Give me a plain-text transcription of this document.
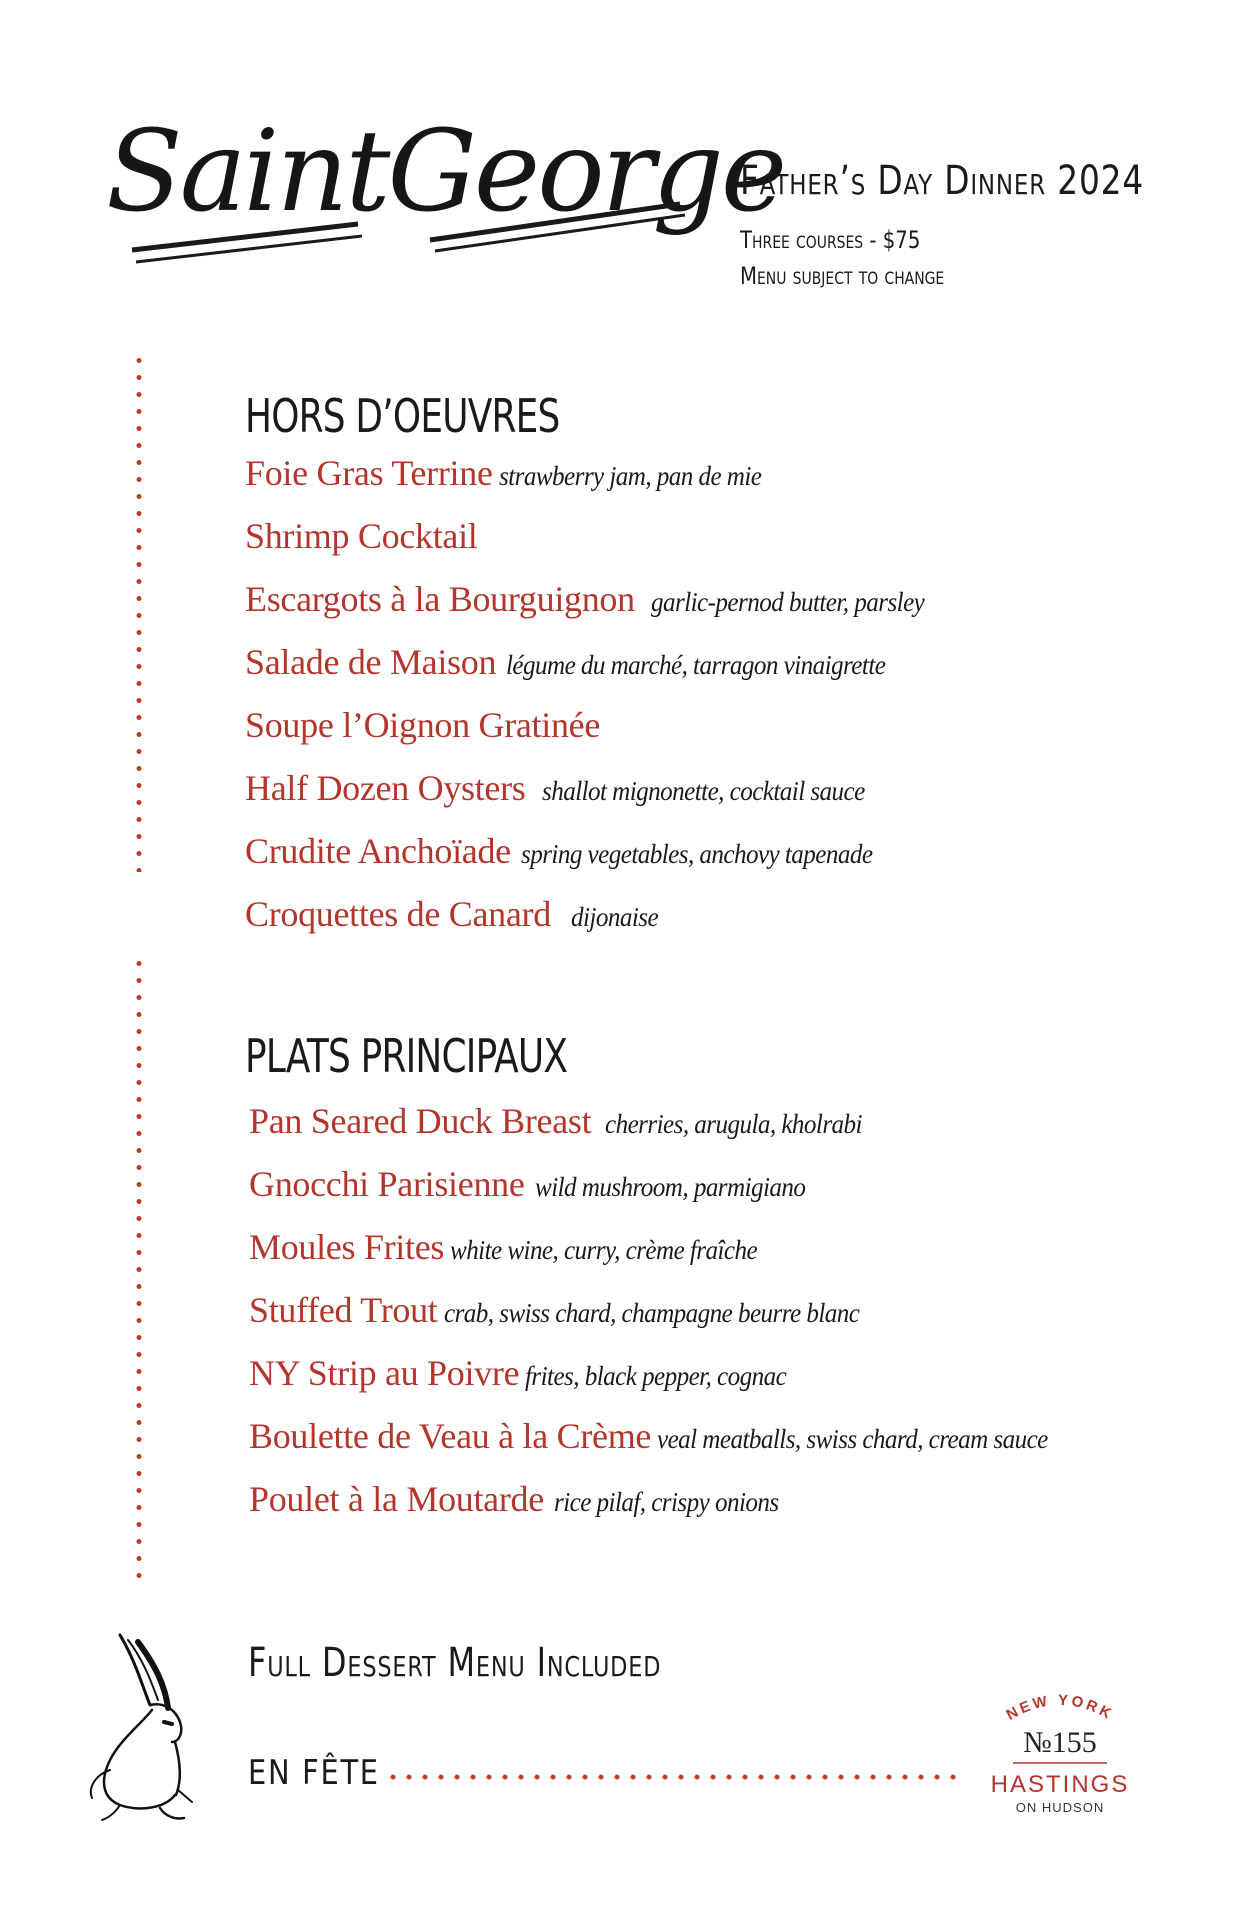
SaintGeorge
Father’s Day Dinner 2024
Three courses - $75
Menu subject to change
HORS D’OEUVRES
Foie Gras Terrine strawberry jam, pan de mie
Shrimp Cocktail
Escargots à la Bourguignon garlic-pernod butter, parsley
Salade de Maison légume du marché, tarragon vinaigrette
Soupe l’Oignon Gratinée
Half Dozen Oysters shallot mignonette, cocktail sauce
Crudite Anchoïade spring vegetables, anchovy tapenade
Croquettes de Canard dijonaise
PLATS PRINCIPAUX
Pan Seared Duck Breast cherries, arugula, kholrabi
Gnocchi Parisienne wild mushroom, parmigiano
Moules Frites white wine, curry, crème fraîche
Stuffed Trout crab, swiss chard, champagne beurre blanc
NY Strip au Poivre frites, black pepper, cognac
Boulette de Veau à la Crème veal meatballs, swiss chard, cream sauce
Poulet à la Moutarde rice pilaf, crispy onions
Full Dessert Menu Included
EN FÊTE
NEW YORK
№155
HASTINGS
ON HUDSON
